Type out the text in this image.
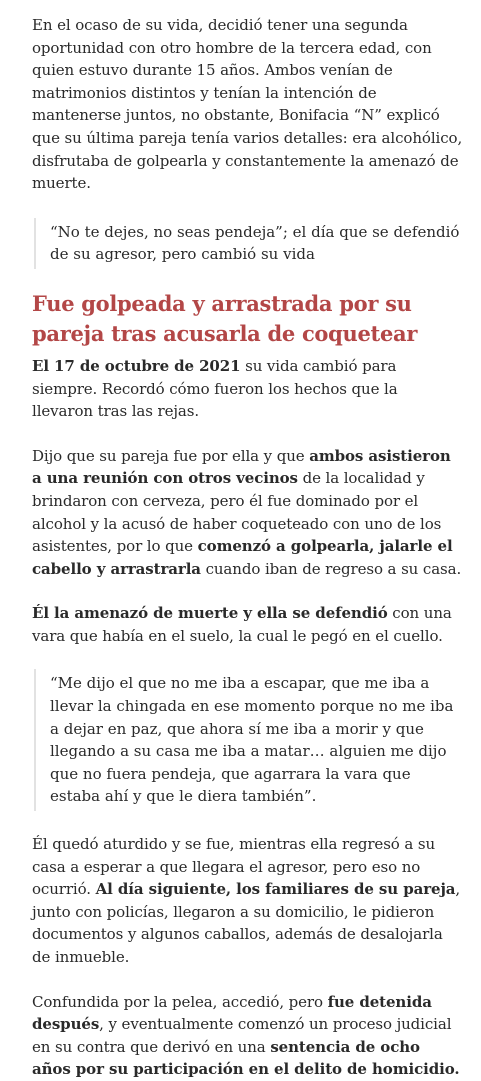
En el ocaso de su vida, decidió tener una segunda oportunidad con otro hombre de la tercera edad, con quien estuvo durante 15 años. Ambos venían de matrimonios distintos y tenían la intención de mantenerse juntos, no obstante, Bonifacia “N” explicó que su última pareja tenía varios detalles: era alcohólico, disfrutaba de golpearla y constantemente la amenazó de muerte.

“No te dejes, no seas pendeja”; el día que se defendió de su agresor, pero cambió su vida
Fue golpeada y arrastrada por su pareja tras acusarla de coquetear

El 17 de octubre de 2021 su vida cambió para siempre. Recordó cómo fueron los hechos que la llevaron tras las rejas.

Dijo que su pareja fue por ella y que ambos asistieron a una reunión con otros vecinos de la localidad y brindaron con cerveza, pero él fue dominado por el alcohol y la acusó de haber coqueteado con uno de los asistentes, por lo que comenzó a golpearla, jalarle el cabello y arrastrarla cuando iban de regreso a su casa.

Él la amenazó de muerte y ella se defendió con una vara que había en el suelo, la cual le pegó en el cuello.

“Me dijo el que no me iba a escapar, que me iba a llevar la chingada en ese momento porque no me iba a dejar en paz, que ahora sí me iba a morir y que llegando a su casa me iba a matar… alguien me dijo que no fuera pendeja, que agarrara la vara que estaba ahí y que le diera también”.

Él quedó aturdido y se fue, mientras ella regresó a su casa a esperar a que llegara el agresor, pero eso no ocurrió. Al día siguiente, los familiares de su pareja, junto con policías, llegaron a su domicilio, le pidieron documentos y algunos caballos, además de desalojarla de inmueble.

Confundida por la pelea, accedió, pero fue detenida después, y eventualmente comenzó un proceso judicial en su contra que derivó en una sentencia de ocho años por su participación en el delito de homicidio.
